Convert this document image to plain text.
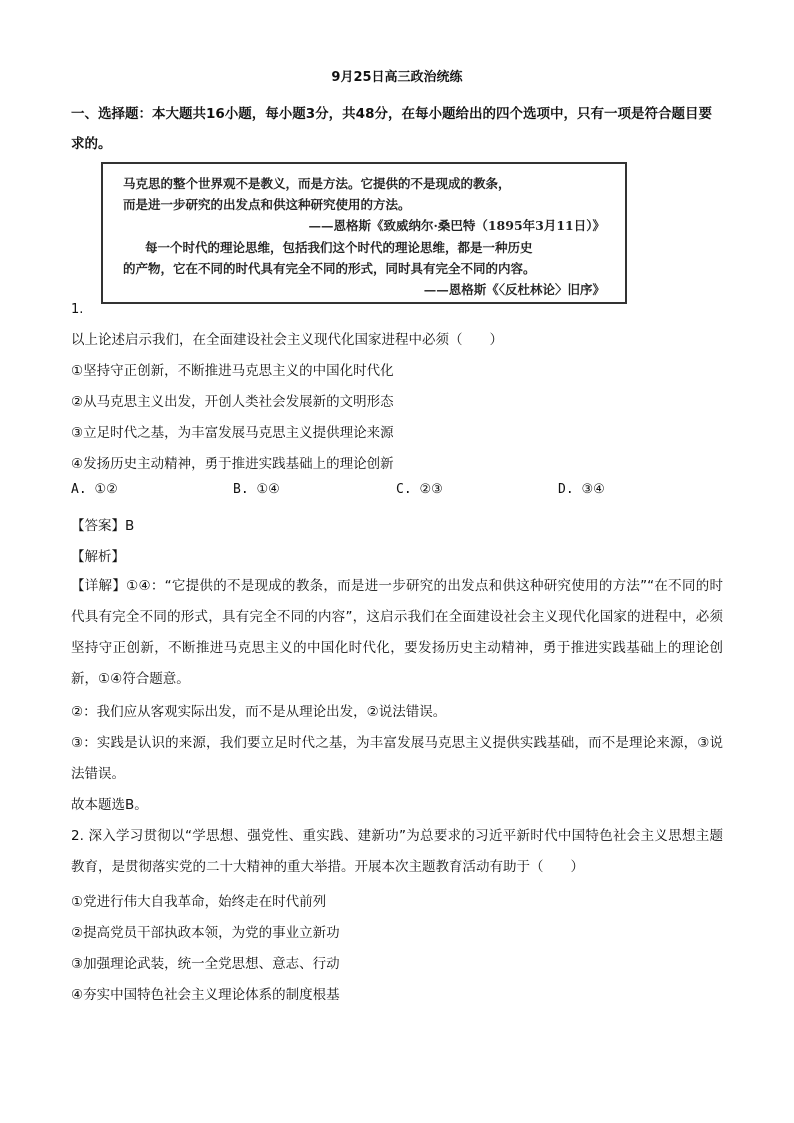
9月25日高三政治统练
一、选择题：本大题共16小题，每小题3分，共48分，在每小题给出的四个选项中，只有一项是符合题目要求的。
马克思的整个世界观不是教义，而是方法。它提供的不是现成的教条，
而是进一步研究的出发点和供这种研究使用的方法。
——恩格斯《致威纳尔·桑巴特（1895年3月11日）》
每一个时代的理论思维，包括我们这个时代的理论思维，都是一种历史
的产物，它在不同的时代具有完全不同的形式，同时具有完全不同的内容。
——恩格斯《〈反杜林论〉旧序》
1.
以上论述启示我们，在全面建设社会主义现代化国家进程中必须（　　）
①坚持守正创新，不断推进马克思主义的中国化时代化
②从马克思主义出发，开创人类社会发展新的文明形态
③立足时代之基，为丰富发展马克思主义提供理论来源
④发扬历史主动精神，勇于推进实践基础上的理论创新
A. ①②	B. ①④	C. ②③	D. ③④
【答案】B
【解析】
【详解】①④：“它提供的不是现成的教条，而是进一步研究的出发点和供这种研究使用的方法”“在不同的时代具有完全不同的形式，具有完全不同的内容”，这启示我们在全面建设社会主义现代化国家的进程中，必须坚持守正创新，不断推进马克思主义的中国化时代化，要发扬历史主动精神，勇于推进实践基础上的理论创新，①④符合题意。
②：我们应从客观实际出发，而不是从理论出发，②说法错误。
③：实践是认识的来源，我们要立足时代之基，为丰富发展马克思主义提供实践基础，而不是理论来源，③说法错误。
故本题选B。
2. 深入学习贯彻以“学思想、强党性、重实践、建新功”为总要求的习近平新时代中国特色社会主义思想主题教育，是贯彻落实党的二十大精神的重大举措。开展本次主题教育活动有助于（　　）
①党进行伟大自我革命，始终走在时代前列
②提高党员干部执政本领，为党的事业立新功
③加强理论武装，统一全党思想、意志、行动
④夯实中国特色社会主义理论体系的制度根基
